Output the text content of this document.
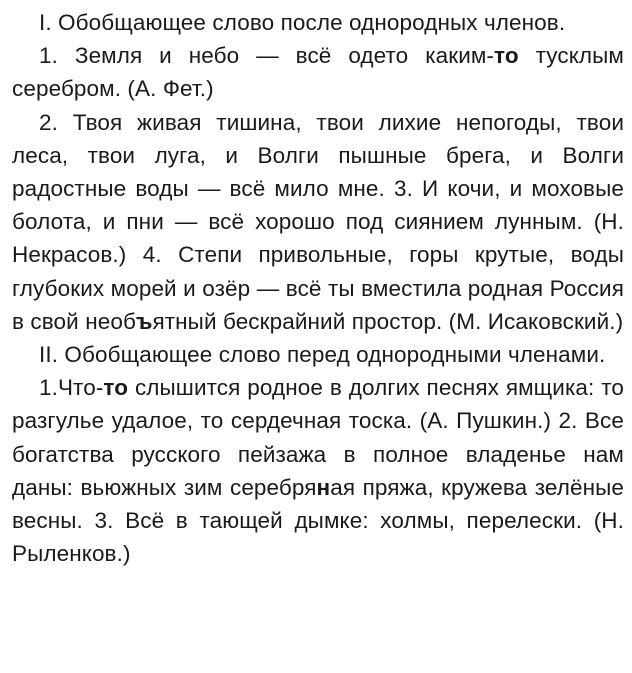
I. Обобщающее слово после однородных членов.

1. Земля и небо — всё одето каким-то тусклым серебром. (А. Фет.)

2. Твоя живая тишина, твои лихие непогоды, твои леса, твои луга, и Волги пышные брега, и Волги радостные воды — всё мило мне. 3. И кочи, и моховые болота, и пни — всё хорошо под сиянием лунным. (Н. Некрасов.) 4. Степи привольные, горы крутые, воды глубоких морей и озёр — всё ты вместила родная Россия в свой необъятный бескрайний простор. (М. Исаковский.)

II. Обобщающее слово перед однородными членами.

1.Что-то слышится родное в долгих песнях ямщика: то разгулье удалое, то сердечная тоска. (А. Пушкин.) 2. Все богатства русского пейзажа в полное владенье нам даны: вьюжных зим серебряная пряжа, кружева зелёные весны. 3. Всё в тающей дымке: холмы, перелески. (Н. Рыленков.)
